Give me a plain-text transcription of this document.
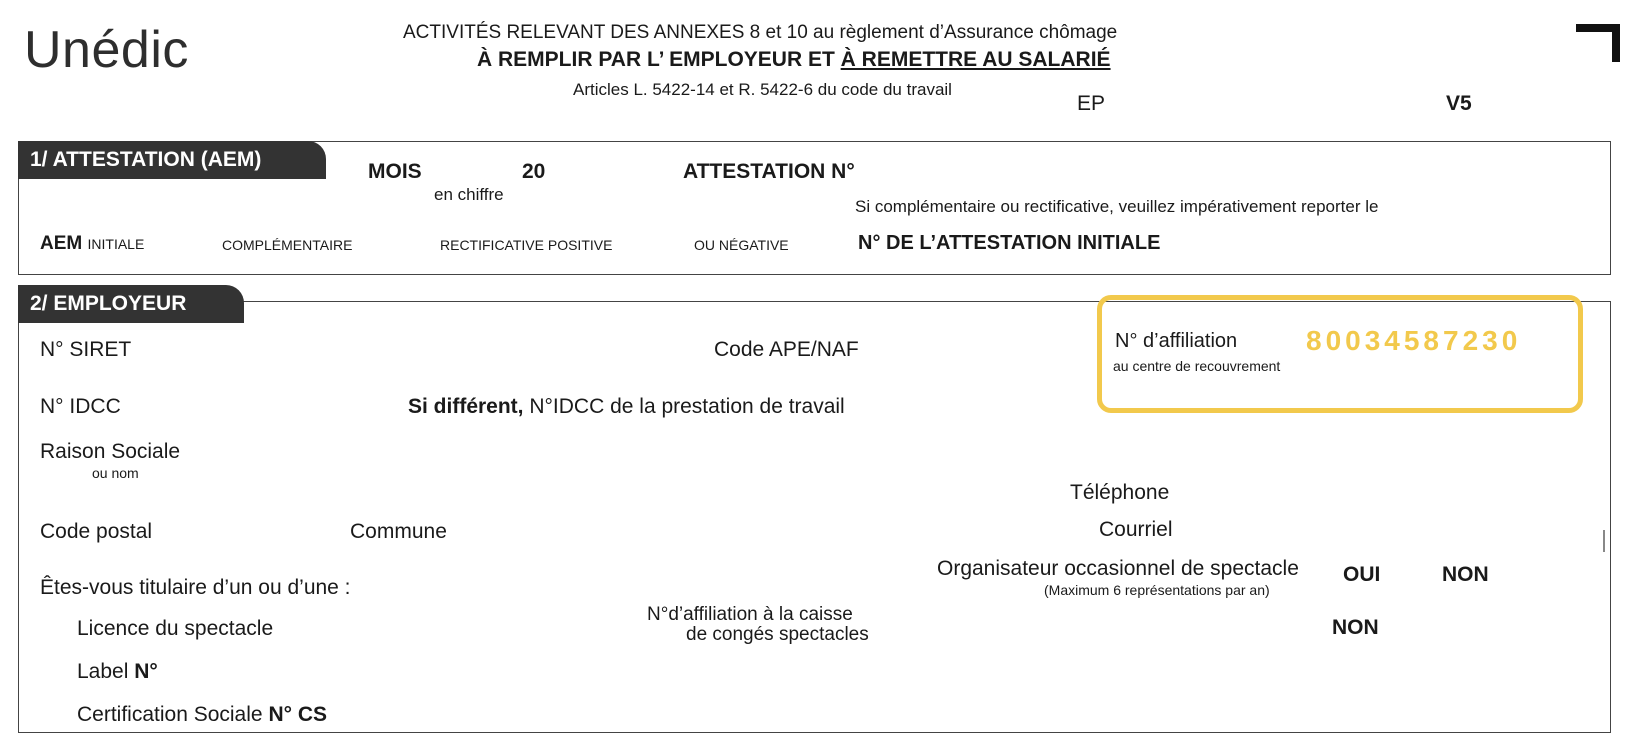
Unédic	ACTIVITÉS RELEVANT DES ANNEXES 8 et 10 au règlement d’Assurance chômage
À REMPLIR PAR L’ EMPLOYEUR ET À REMETTRE AU SALARIÉ
Articles L. 5422-14 et R. 5422-6 du code du travail
EP	V5
1/ ATTESTATION (AEM)
MOIS
en chiffre
20	ATTESTATION N°
Si complémentaire ou rectificative, veuillez impérativement reporter le
AEM INITIALE	COMPLÉMENTAIRE	RECTIFICATIVE POSITIVE	OU NÉGATIVE	N° DE L’ATTESTATION INITIALE
2/ EMPLOYEUR
N° SIRET	Code APE/NAF	N° d’affiliation
au centre de recouvrement
80034587230
N° IDCC	Si différent, N°IDCC de la prestation de travail
Raison Sociale
ou nom
Téléphone
Code postal	Commune	Courriel
Êtes-vous titulaire d’un ou d’une :
Organisateur occasionnel de spectacle
(Maximum 6 représentations par an)
OUI	NON
Licence du spectacle
N°d’affiliation à la caisse
de congés spectacles	NON
Label N°
Certification Sociale N° CS
